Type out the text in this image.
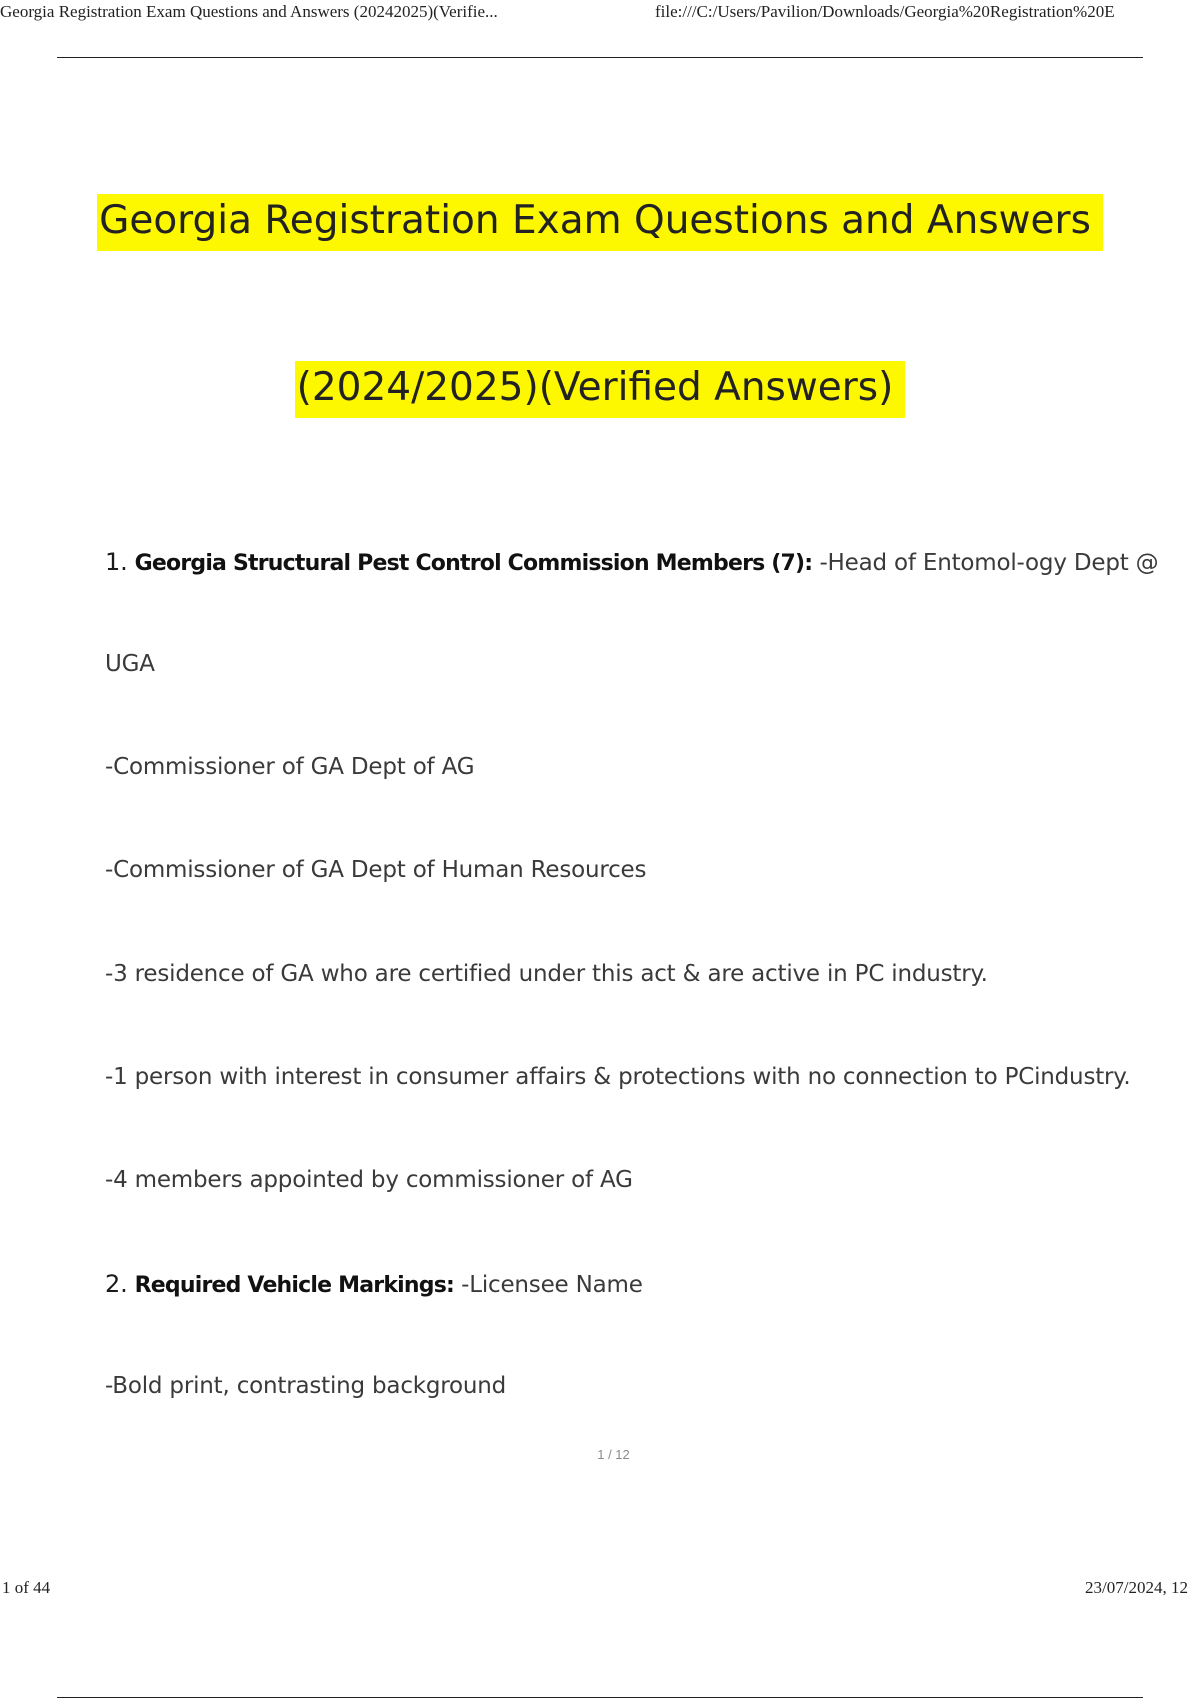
Georgia Registration Exam Questions and Answers (20242025)(Verifie...	file:///C:/Users/Pavilion/Downloads/Georgia%20Registration%20E
Georgia Registration Exam Questions and Answers
(2024/2025)(Verified Answers)
1. Georgia Structural Pest Control Commission Members (7): -Head of Entomol-ogy Dept @
UGA
-Commissioner of GA Dept of AG
-Commissioner of GA Dept of Human Resources
-3 residence of GA who are certified under this act & are active in PC industry.
-1 person with interest in consumer affairs & protections with no connection to PCindustry.
-4 members appointed by commissioner of AG
2. Required Vehicle Markings: -Licensee Name
-Bold print, contrasting background
1 / 12
1 of 44	23/07/2024, 12
